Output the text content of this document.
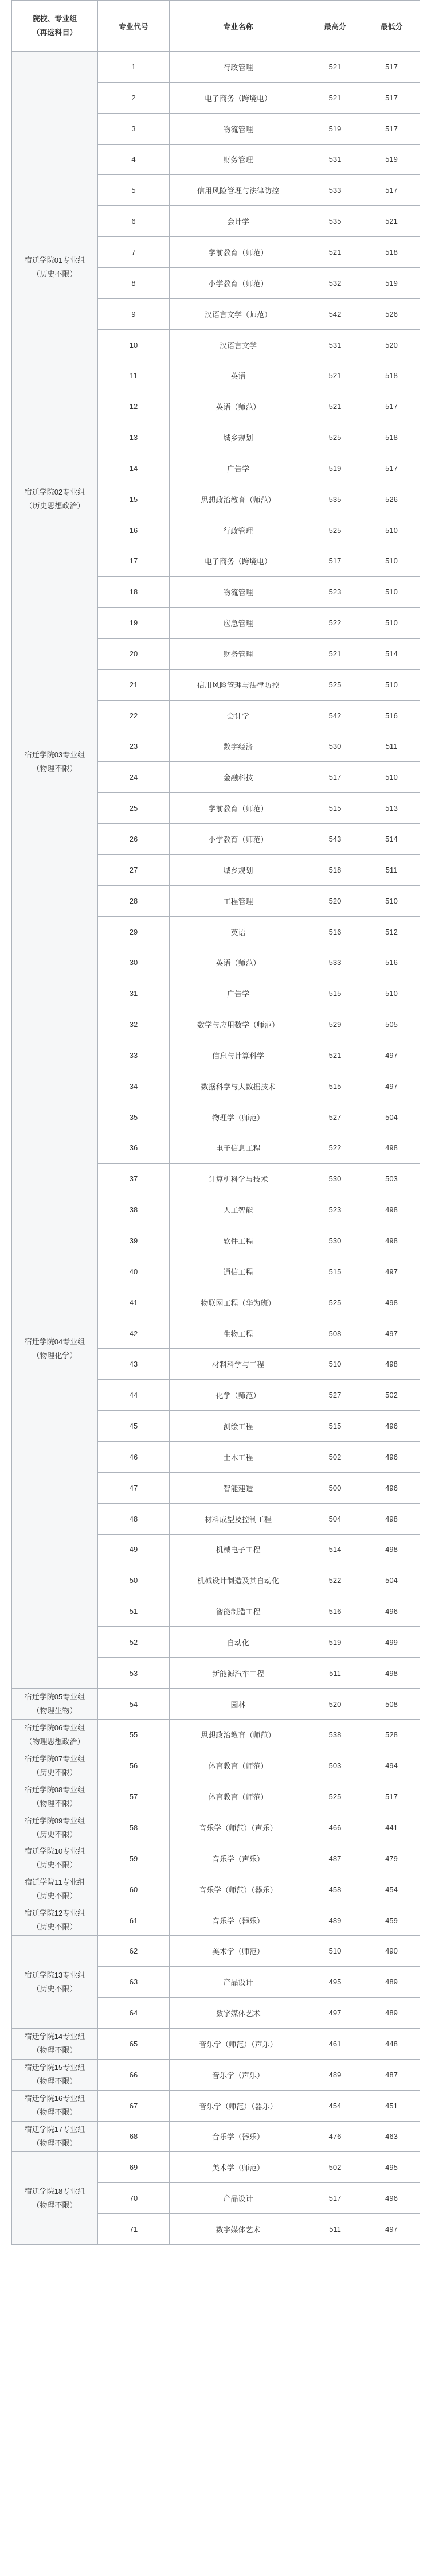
院校、专业组
（再选科目）	专业代号	专业名称	最高分	最低分

宿迁学院01专业组
（历史不限）	1	行政管理	521	517
	2	电子商务（跨境电）	521	517
	3	物流管理	519	517
	4	财务管理	531	519
	5	信用风险管理与法律防控	533	517
	6	会计学	535	521
	7	学前教育（师范）	521	518
	8	小学教育（师范）	532	519
	9	汉语言文学（师范）	542	526
	10	汉语言文学	531	520
	11	英语	521	518
	12	英语（师范）	521	517
	13	城乡规划	525	518
	14	广告学	519	517

宿迁学院02专业组
（历史思想政治）	15	思想政治教育（师范）	535	526

宿迁学院03专业组
（物理不限）	16	行政管理	525	510
	17	电子商务（跨境电）	517	510
	18	物流管理	523	510
	19	应急管理	522	510
	20	财务管理	521	514
	21	信用风险管理与法律防控	525	510
	22	会计学	542	516
	23	数字经济	530	511
	24	金融科技	517	510
	25	学前教育（师范）	515	513
	26	小学教育（师范）	543	514
	27	城乡规划	518	511
	28	工程管理	520	510
	29	英语	516	512
	30	英语（师范）	533	516
	31	广告学	515	510

宿迁学院04专业组
（物理化学）	32	数学与应用数学（师范）	529	505
	33	信息与计算科学	521	497
	34	数据科学与大数据技术	515	497
	35	物理学（师范）	527	504
	36	电子信息工程	522	498
	37	计算机科学与技术	530	503
	38	人工智能	523	498
	39	软件工程	530	498
	40	通信工程	515	497
	41	物联网工程（华为班）	525	498
	42	生物工程	508	497
	43	材料科学与工程	510	498
	44	化学（师范）	527	502
	45	测绘工程	515	496
	46	土木工程	502	496
	47	智能建造	500	496
	48	材料成型及控制工程	504	498
	49	机械电子工程	514	498
	50	机械设计制造及其自动化	522	504
	51	智能制造工程	516	496
	52	自动化	519	499
	53	新能源汽车工程	511	498

宿迁学院05专业组
（物理生物）	54	园林	520	508

宿迁学院06专业组
（物理思想政治）	55	思想政治教育（师范）	538	528

宿迁学院07专业组
（历史不限）	56	体育教育（师范）	503	494

宿迁学院08专业组
（物理不限）	57	体育教育（师范）	525	517

宿迁学院09专业组
（历史不限）	58	音乐学（师范）（声乐）	466	441

宿迁学院10专业组
（历史不限）	59	音乐学（声乐）	487	479

宿迁学院11专业组
（历史不限）	60	音乐学（师范）（器乐）	458	454

宿迁学院12专业组
（历史不限）	61	音乐学（器乐）	489	459

宿迁学院13专业组
（历史不限）	62	美术学（师范）	510	490
	63	产品设计	495	489
	64	数字媒体艺术	497	489

宿迁学院14专业组
（物理不限）	65	音乐学（师范）（声乐）	461	448

宿迁学院15专业组
（物理不限）	66	音乐学（声乐）	489	487

宿迁学院16专业组
（物理不限）	67	音乐学（师范）（器乐）	454	451

宿迁学院17专业组
（物理不限）	68	音乐学（器乐）	476	463

宿迁学院18专业组
（物理不限）	69	美术学（师范）	502	495
	70	产品设计	517	496
	71	数字媒体艺术	511	497
